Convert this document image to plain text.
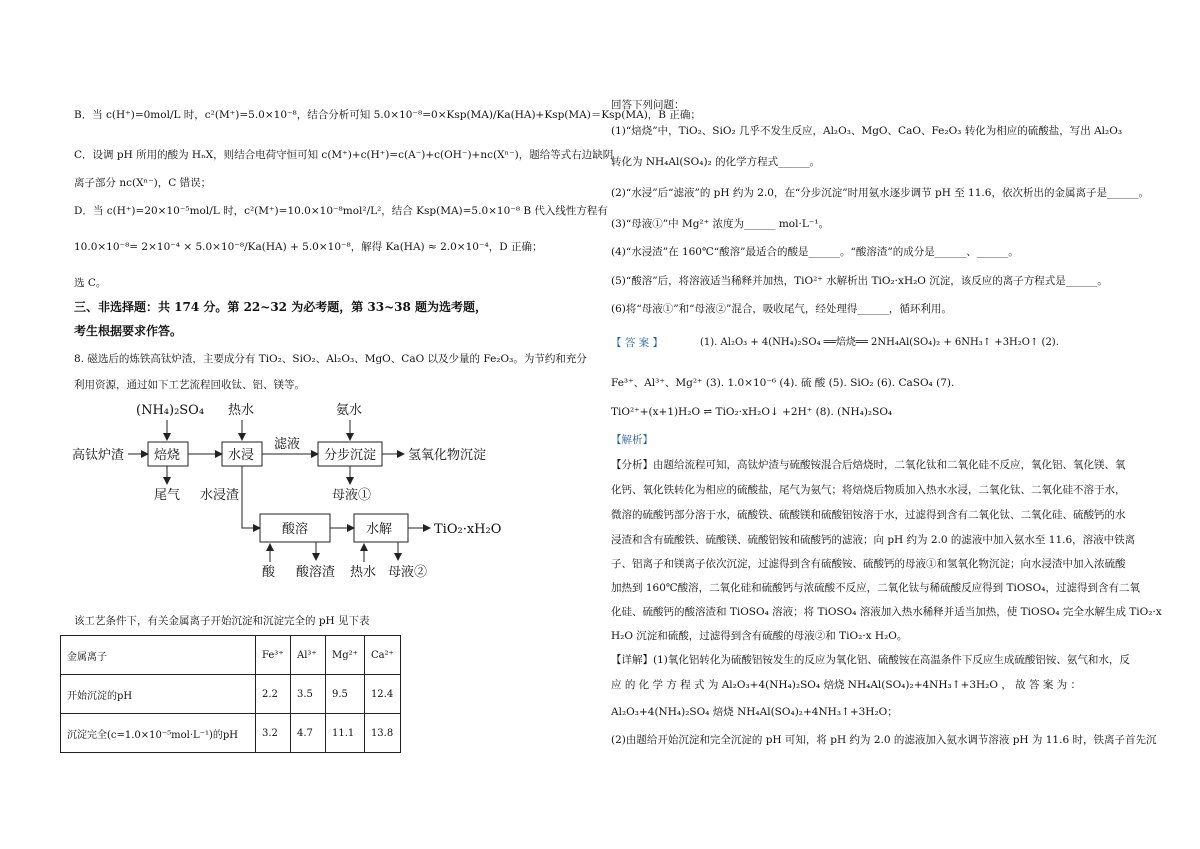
B．当 c(H⁺)=0mol/L 时，c²(M⁺)=5.0×10⁻⁸，结合分析可知 5.0×10⁻⁸=0×Ksp(MA)/Ka(HA)+Ksp(MA)＝Ksp(MA)，B 正确；
C．设调 pH 所用的酸为 HₙX，则结合电荷守恒可知 c(M⁺)+c(H⁺)=c(A⁻)+c(OH⁻)+nc(Xⁿ⁻)，题给等式右边缺阴
离子部分 nc(Xⁿ⁻)，C 错误；
D．当 c(H⁺)=20×10⁻⁵mol/L 时，c²(M⁺)=10.0×10⁻⁸mol²/L²，结合 Ksp(MA)=5.0×10⁻⁸ B 代入线性方程有
10.0×10⁻⁸= 2×10⁻⁴ × 5.0×10⁻⁸/Ka(HA) + 5.0×10⁻⁸，解得 Ka(HA) ≈ 2.0×10⁻⁴，D 正确；
选 C。
三、非选择题：共 174 分。第 22~32 为必考题，第 33~38 题为选考题，
考生根据要求作答。
8. 磁选后的炼铁高钛炉渣，主要成分有 TiO₂、SiO₂、Al₂O₃、MgO、CaO 以及少量的 Fe₂O₃。为节约和充分
利用资源，通过如下工艺流程回收钛、铝、镁等。
(NH₄)₂SO₄ 热水	氨水
高钛炉渣 焙烧	水浸
滤液
分步沉淀 氢氧化物沉淀
尾气 水浸渣	母液①
酸溶	水解	TiO₂·xH₂O
酸 酸溶渣 热水 母液②
该工艺条件下，有关金属离子开始沉淀和沉淀完全的 pH 见下表
金属离子	Fe³⁺	Al³⁺	Mg²⁺	Ca²⁺
开始沉淀的pH	2.2	3.5	9.5	12.4
沉淀完全(c=1.0×10⁻⁵mol·L⁻¹)的pH	3.2	4.7	11.1	13.8
回答下列问题：
(1)“焙烧”中，TiO₂、SiO₂ 几乎不发生反应，Al₂O₃、MgO、CaO、Fe₂O₃ 转化为相应的硫酸盐，写出 Al₂O₃
转化为 NH₄Al(SO₄)₂ 的化学方程式______。
(2)“水浸”后“滤液”的 pH 约为 2.0，在“分步沉淀”时用氨水逐步调节 pH 至 11.6，依次析出的金属离子是______。
(3)“母液①”中 Mg²⁺ 浓度为______ mol·L⁻¹。
(4)“水浸渣”在 160℃“酸溶”最适合的酸是______。“酸溶渣”的成分是______、______。
(5)“酸溶”后，将溶液适当稀释并加热，TiO²⁺ 水解析出 TiO₂·xH₂O 沉淀，该反应的离子方程式是______。
(6)将“母液①”和“母液②”混合，吸收尾气，经处理得______，循环利用。
【 答 案 】	(1). Al₂O₃ + 4(NH₄)₂SO₄ ══焙烧══ 2NH₄Al(SO₄)₂ + 6NH₃↑ +3H₂O↑ (2).
Fe³⁺、Al³⁺、Mg²⁺ (3). 1.0×10⁻⁶ (4). 硫 酸 (5). SiO₂ (6). CaSO₄ (7).
TiO²⁺+(x+1)H₂O ⇌ TiO₂·xH₂O↓ +2H⁺ (8). (NH₄)₂SO₄
【解析】
【分析】由题给流程可知，高钛炉渣与硫酸铵混合后焙烧时，二氧化钛和二氧化硅不反应，氧化铝、氧化镁、氧
化钙、氧化铁转化为相应的硫酸盐，尾气为氨气；将焙烧后物质加入热水水浸，二氧化钛、二氧化硅不溶于水，
微溶的硫酸钙部分溶于水，硫酸铁、硫酸镁和硫酸铝铵溶于水，过滤得到含有二氧化钛、二氧化硅、硫酸钙的水
浸渣和含有硫酸铁、硫酸镁、硫酸铝铵和硫酸钙的滤液；向 pH 约为 2.0 的滤液中加入氨水至 11.6，溶液中铁离
子、铝离子和镁离子依次沉淀，过滤得到含有硫酸铵、硫酸钙的母液①和氢氧化物沉淀；向水浸渣中加入浓硫酸
加热到 160℃酸溶，二氧化硅和硫酸钙与浓硫酸不反应，二氧化钛与稀硫酸反应得到 TiOSO₄，过滤得到含有二氧
化硅、硫酸钙的酸溶渣和 TiOSO₄ 溶液；将 TiOSO₄ 溶液加入热水稀释并适当加热，使 TiOSO₄ 完全水解生成 TiO₂·x
H₂O 沉淀和硫酸，过滤得到含有硫酸的母液②和 TiO₂·x H₂O。
【详解】(1)氧化铝转化为硫酸铝铵发生的反应为氧化铝、硫酸铵在高温条件下反应生成硫酸铝铵、氨气和水，反
应 的 化 学 方 程 式 为 Al₂O₃+4(NH₄)₂SO₄ 焙烧 NH₄Al(SO₄)₂+4NH₃↑+3H₂O ， 故 答 案 为 ：
Al₂O₃+4(NH₄)₂SO₄ 焙烧 NH₄Al(SO₄)₂+4NH₃↑+3H₂O；
(2)由题给开始沉淀和完全沉淀的 pH 可知，将 pH 约为 2.0 的滤液加入氨水调节溶液 pH 为 11.6 时，铁离子首先沉
